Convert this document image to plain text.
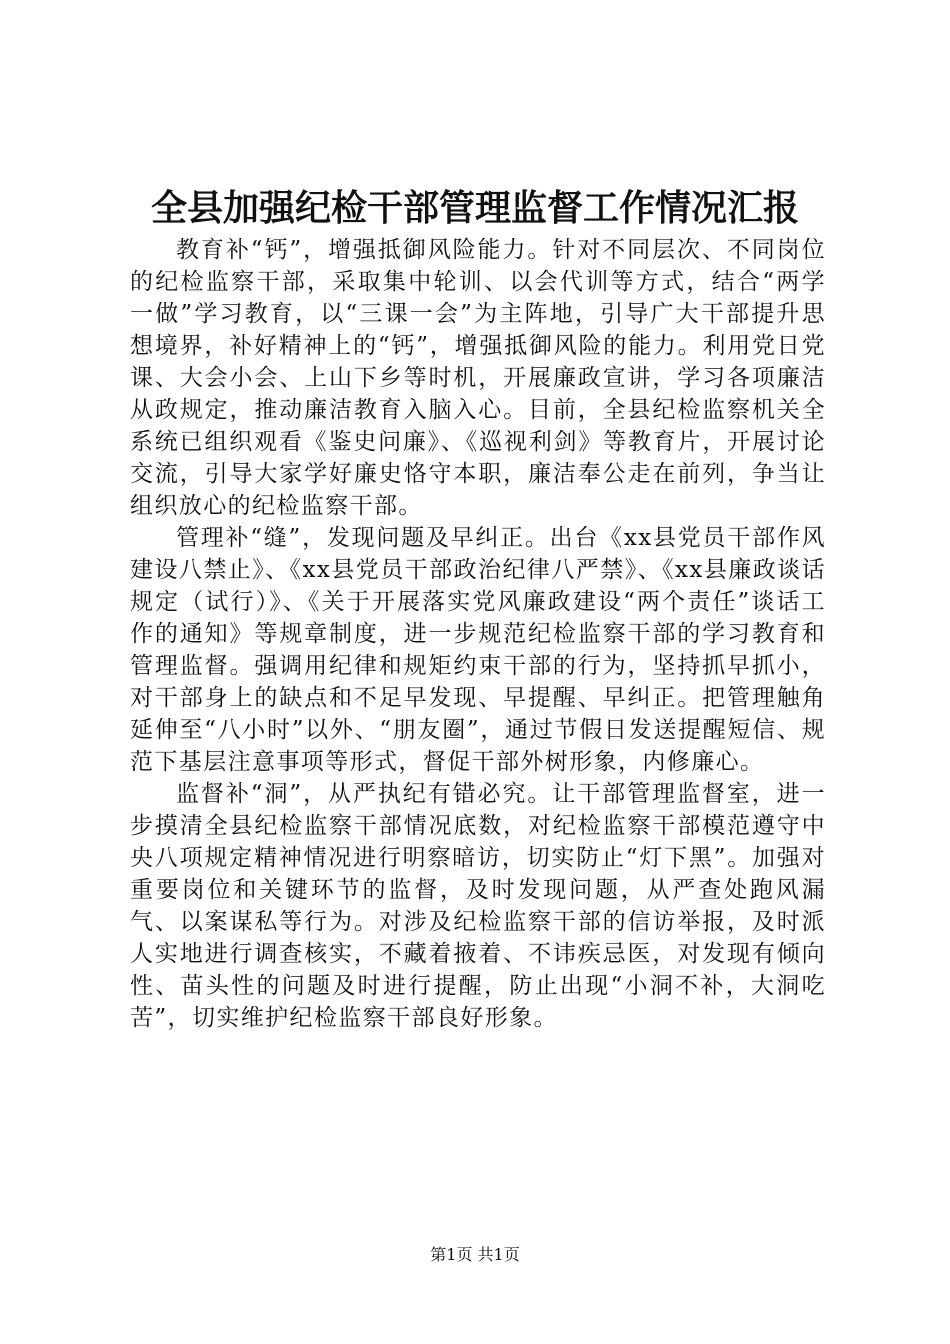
全县加强纪检干部管理监督工作情况汇报

教育补“钙”，增强抵御风险能力。针对不同层次、不同岗位的纪检监察干部，采取集中轮训、以会代训等方式，结合“两学一做”学习教育，以“三课一会”为主阵地，引导广大干部提升思想境界，补好精神上的“钙”，增强抵御风险的能力。利用党日党课、大会小会、上山下乡等时机，开展廉政宣讲，学习各项廉洁从政规定，推动廉洁教育入脑入心。目前，全县纪检监察机关全系统已组织观看《鉴史问廉》、《巡视利剑》等教育片，开展讨论交流，引导大家学好廉史恪守本职，廉洁奉公走在前列，争当让组织放心的纪检监察干部。

管理补“缝”，发现问题及早纠正。出台《xx县党员干部作风建设八禁止》、《xx县党员干部政治纪律八严禁》、《xx县廉政谈话规定（试行）》、《关于开展落实党风廉政建设“两个责任”谈话工作的通知》等规章制度，进一步规范纪检监察干部的学习教育和管理监督。强调用纪律和规矩约束干部的行为，坚持抓早抓小，对干部身上的缺点和不足早发现、早提醒、早纠正。把管理触角延伸至“八小时”以外、“朋友圈”，通过节假日发送提醒短信、规范下基层注意事项等形式，督促干部外树形象，内修廉心。

监督补“洞”，从严执纪有错必究。让干部管理监督室，进一步摸清全县纪检监察干部情况底数，对纪检监察干部模范遵守中央八项规定精神情况进行明察暗访，切实防止“灯下黑”。加强对重要岗位和关键环节的监督，及时发现问题，从严查处跑风漏气、以案谋私等行为。对涉及纪检监察干部的信访举报，及时派人实地进行调查核实，不藏着掖着、不讳疾忌医，对发现有倾向性、苗头性的问题及时进行提醒，防止出现“小洞不补，大洞吃苦”，切实维护纪检监察干部良好形象。

第1页 共1页
